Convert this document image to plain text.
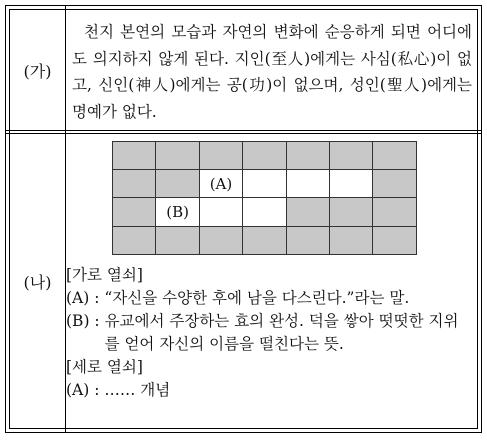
(가)

천지 본연의 모습과 자연의 변화에 순응하게 되면 어디에도 의지하지 않게 된다. 지인(至人)에게는 사심(私心)이 없고, 신인(神人)에게는 공(功)이 없으며, 성인(聖人)에게는 명예가 없다.

(나)
(A)
(B)

[가로 열쇠]

(A) : “자신을 수양한 후에 남을 다스린다.”라는 말.

(B) : 유교에서 주장하는 효의 완성. 덕을 쌓아 떳떳한 지위를 얻어 자신의 이름을 떨친다는 뜻.

[세로 열쇠]

(A) : …… 개념
